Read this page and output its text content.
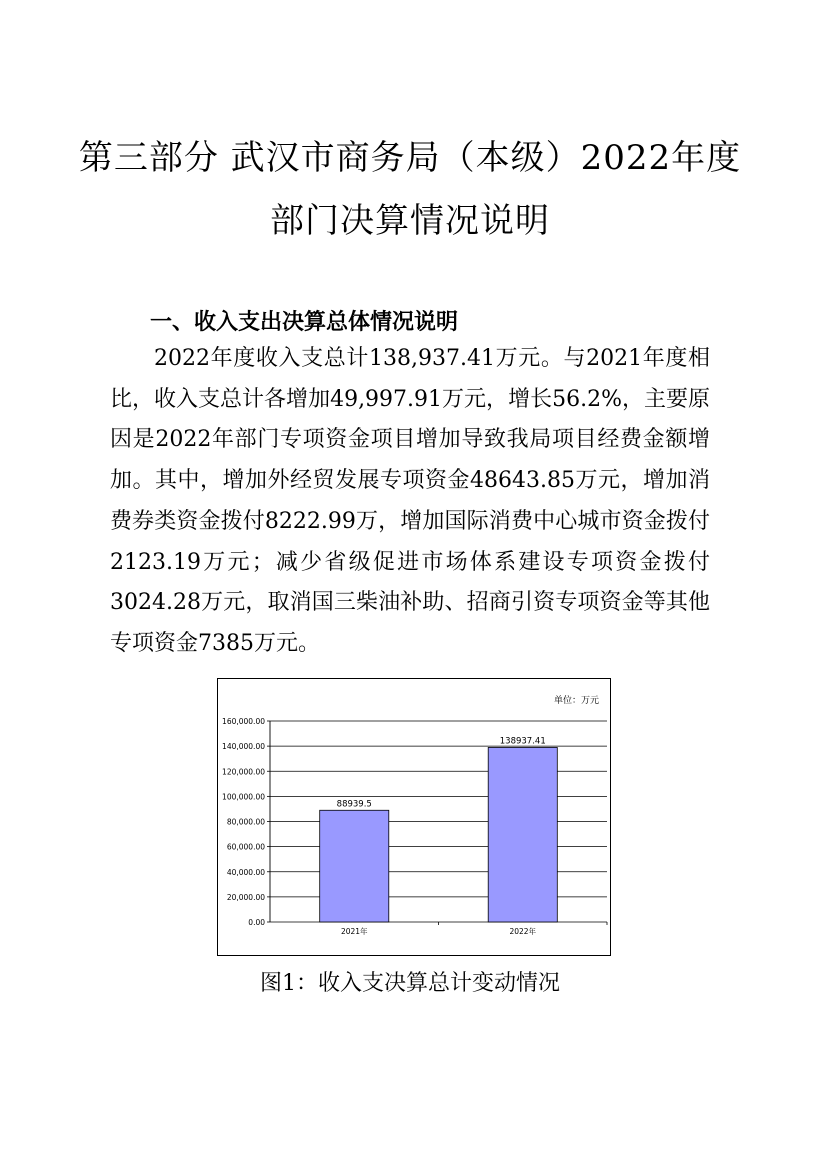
第三部分 武汉市商务局（本级）2022年度
部门决算情况说明
一、收入支出决算总体情况说明

2022年度收入支总计138,937.41万元。与2021年度相比，收入支总计各增加49,997.91万元，增长56.2%，主要原因是2022年部门专项资金项目增加导致我局项目经费金额增加。其中，增加外经贸发展专项资金48643.85万元，增加消费券类资金拨付8222.99万，增加国际消费中心城市资金拨付2123.19万元；减少省级促进市场体系建设专项资金拨付3024.28万元，取消国三柴油补助、招商引资专项资金等其他专项资金7385万元。

单位：万元
0.00
20,000.00
40,000.00
60,000.00
80,000.00
100,000.00
120,000.00
140,000.00
160,000.00
88939.5
2021年
138937.41
2022年
图1：收入支决算总计变动情况
